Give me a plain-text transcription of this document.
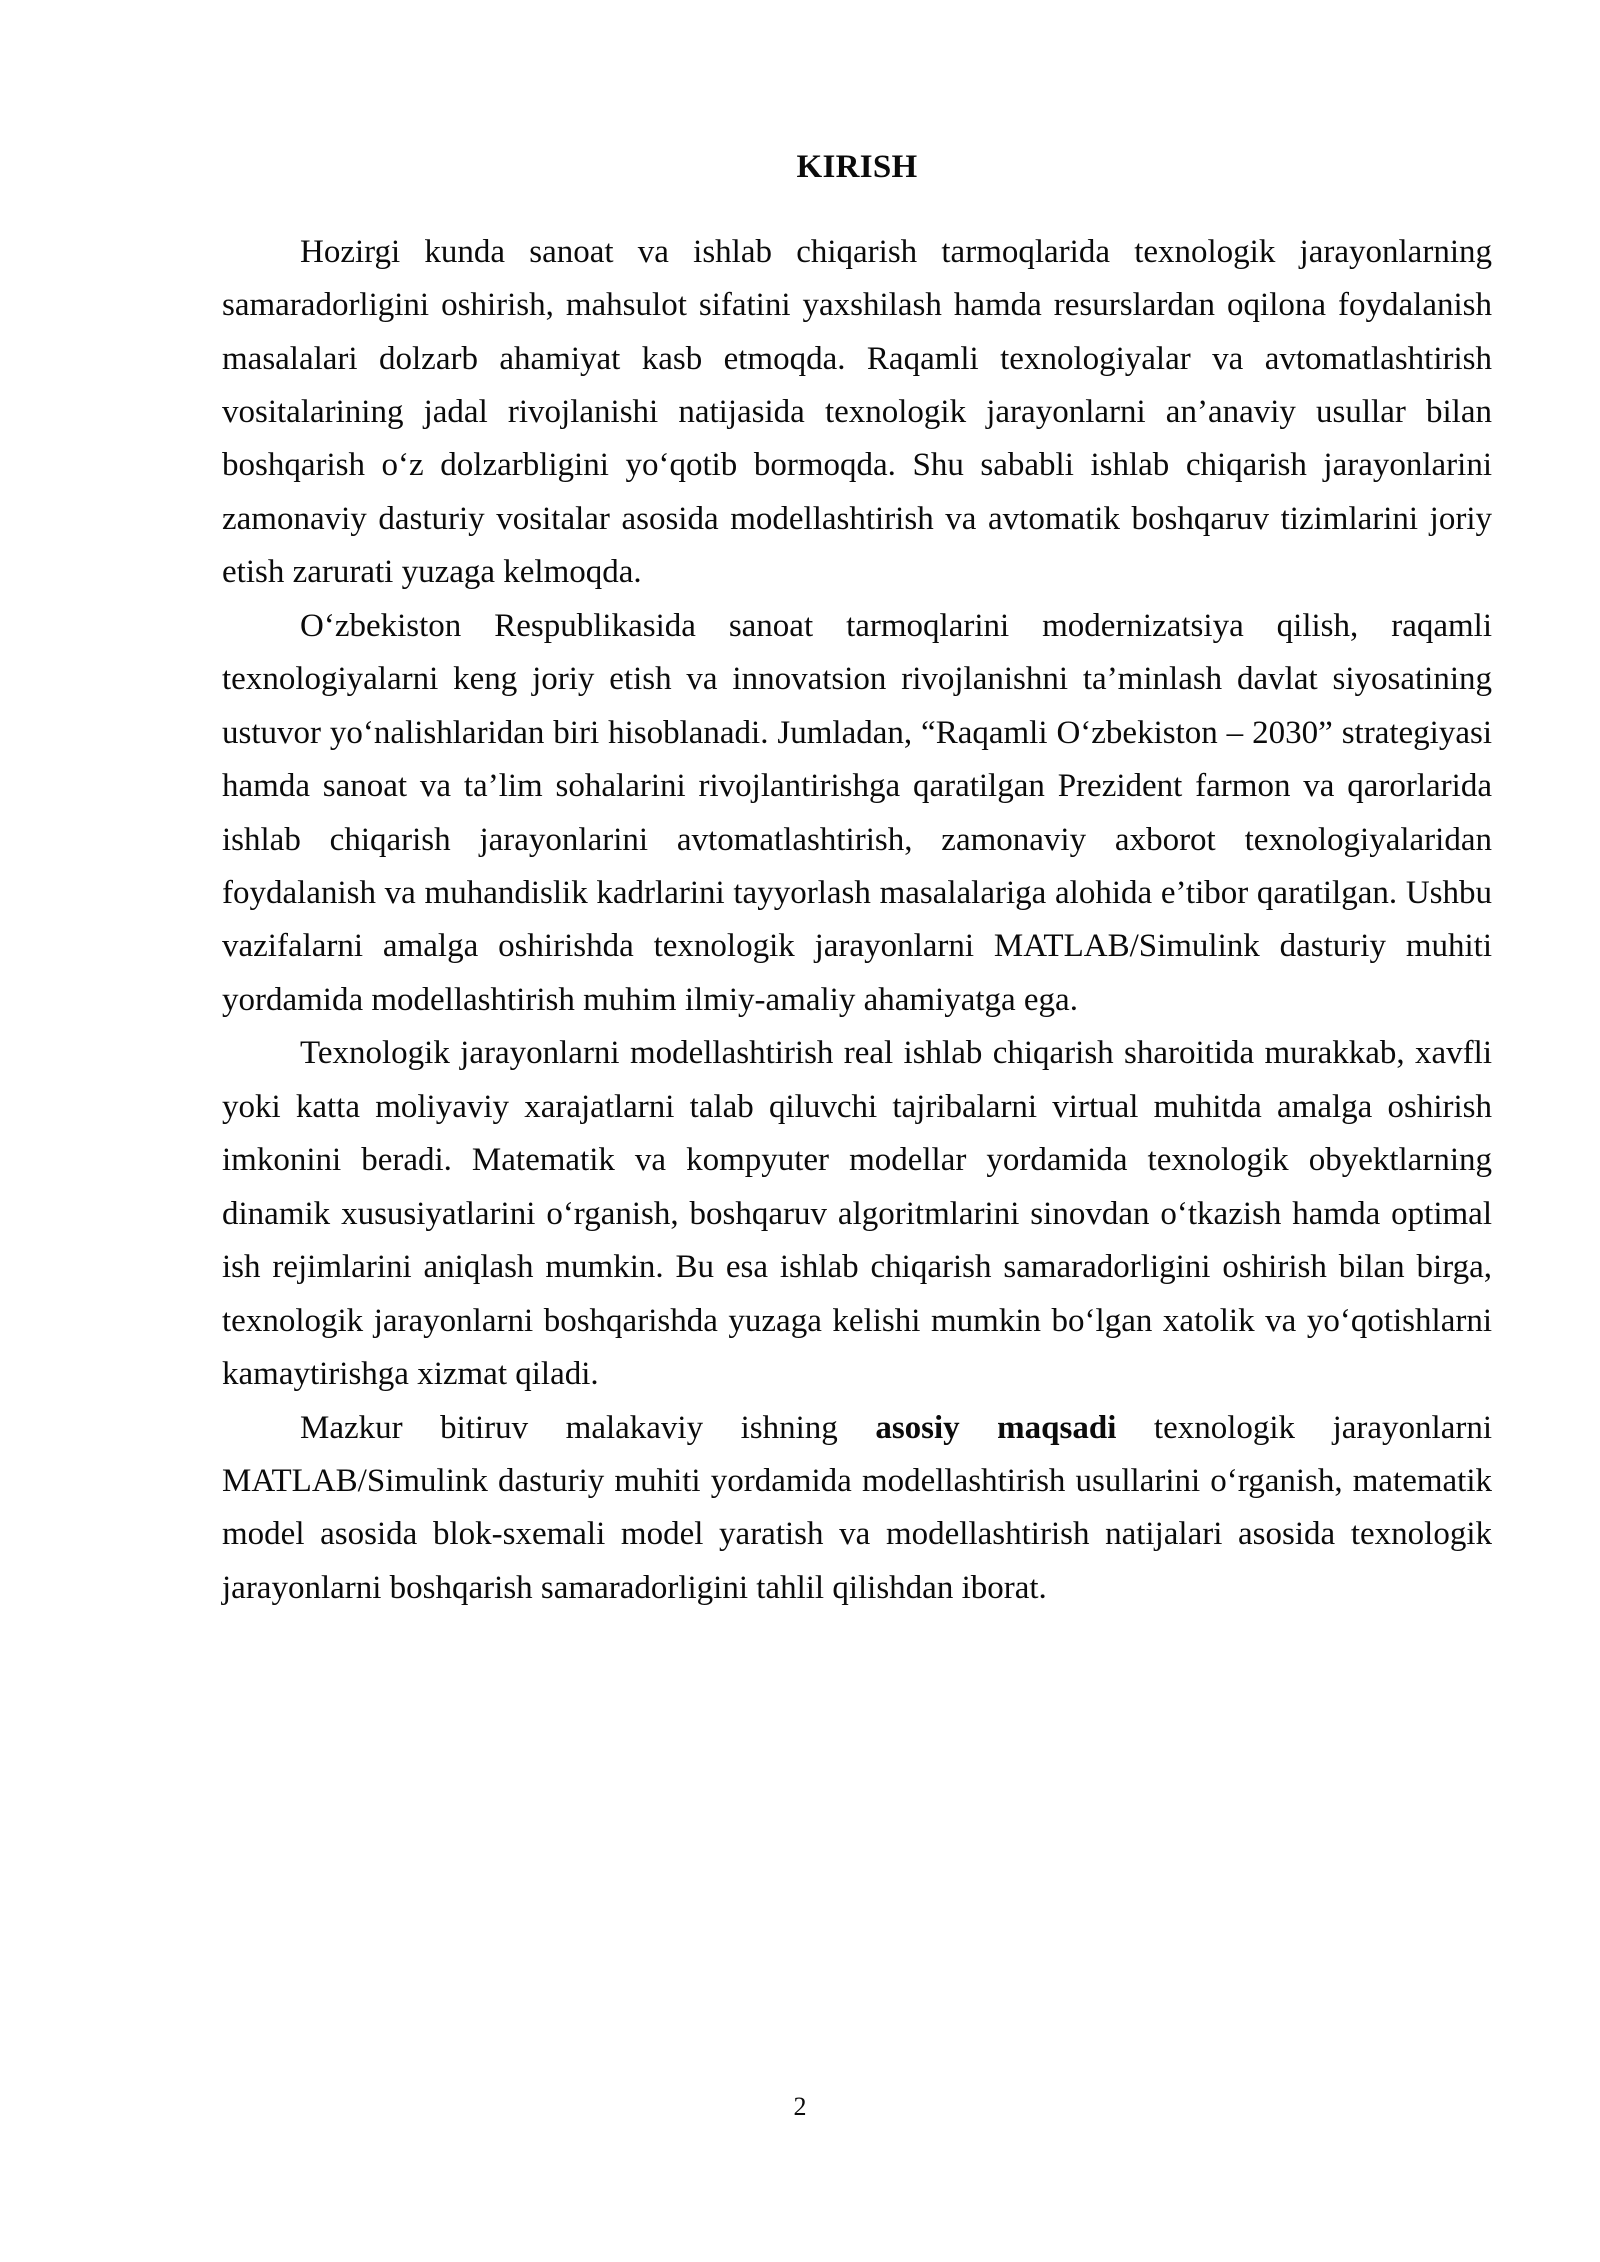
KIRISH

Hozirgi kunda sanoat va ishlab chiqarish tarmoqlarida texnologik jarayonlarning samaradorligini oshirish, mahsulot sifatini yaxshilash hamda resurslardan oqilona foydalanish masalalari dolzarb ahamiyat kasb etmoqda. Raqamli texnologiyalar va avtomatlashtirish vositalarining jadal rivojlanishi natijasida texnologik jarayonlarni an’anaviy usullar bilan boshqarish o‘z dolzarbligini yo‘qotib bormoqda. Shu sababli ishlab chiqarish jarayonlarini zamonaviy dasturiy vositalar asosida modellashtirish va avtomatik boshqaruv tizimlarini joriy etish zarurati yuzaga kelmoqda.

O‘zbekiston Respublikasida sanoat tarmoqlarini modernizatsiya qilish, raqamli texnologiyalarni keng joriy etish va innovatsion rivojlanishni ta’minlash davlat siyosatining ustuvor yo‘nalishlaridan biri hisoblanadi. Jumladan, “Raqamli O‘zbekiston – 2030” strategiyasi hamda sanoat va ta’lim sohalarini rivojlantirishga qaratilgan Prezident farmon va qarorlarida ishlab chiqarish jarayonlarini avtomatlashtirish, zamonaviy axborot texnologiyalaridan foydalanish va muhandislik kadrlarini tayyorlash masalalariga alohida e’tibor qaratilgan. Ushbu vazifalarni amalga oshirishda texnologik jarayonlarni MATLAB/Simulink dasturiy muhiti yordamida modellashtirish muhim ilmiy-amaliy ahamiyatga ega.

Texnologik jarayonlarni modellashtirish real ishlab chiqarish sharoitida murakkab, xavfli yoki katta moliyaviy xarajatlarni talab qiluvchi tajribalarni virtual muhitda amalga oshirish imkonini beradi. Matematik va kompyuter modellar yordamida texnologik obyektlarning dinamik xususiyatlarini o‘rganish, boshqaruv algoritmlarini sinovdan o‘tkazish hamda optimal ish rejimlarini aniqlash mumkin. Bu esa ishlab chiqarish samaradorligini oshirish bilan birga, texnologik jarayonlarni boshqarishda yuzaga kelishi mumkin bo‘lgan xatolik va yo‘qotishlarni kamaytirishga xizmat qiladi.

Mazkur bitiruv malakaviy ishning asosiy maqsadi texnologik jarayonlarni MATLAB/Simulink dasturiy muhiti yordamida modellashtirish usullarini o‘rganish, matematik model asosida blok-sxemali model yaratish va modellashtirish natijalari asosida texnologik jarayonlarni boshqarish samaradorligini tahlil qilishdan iborat.

2
